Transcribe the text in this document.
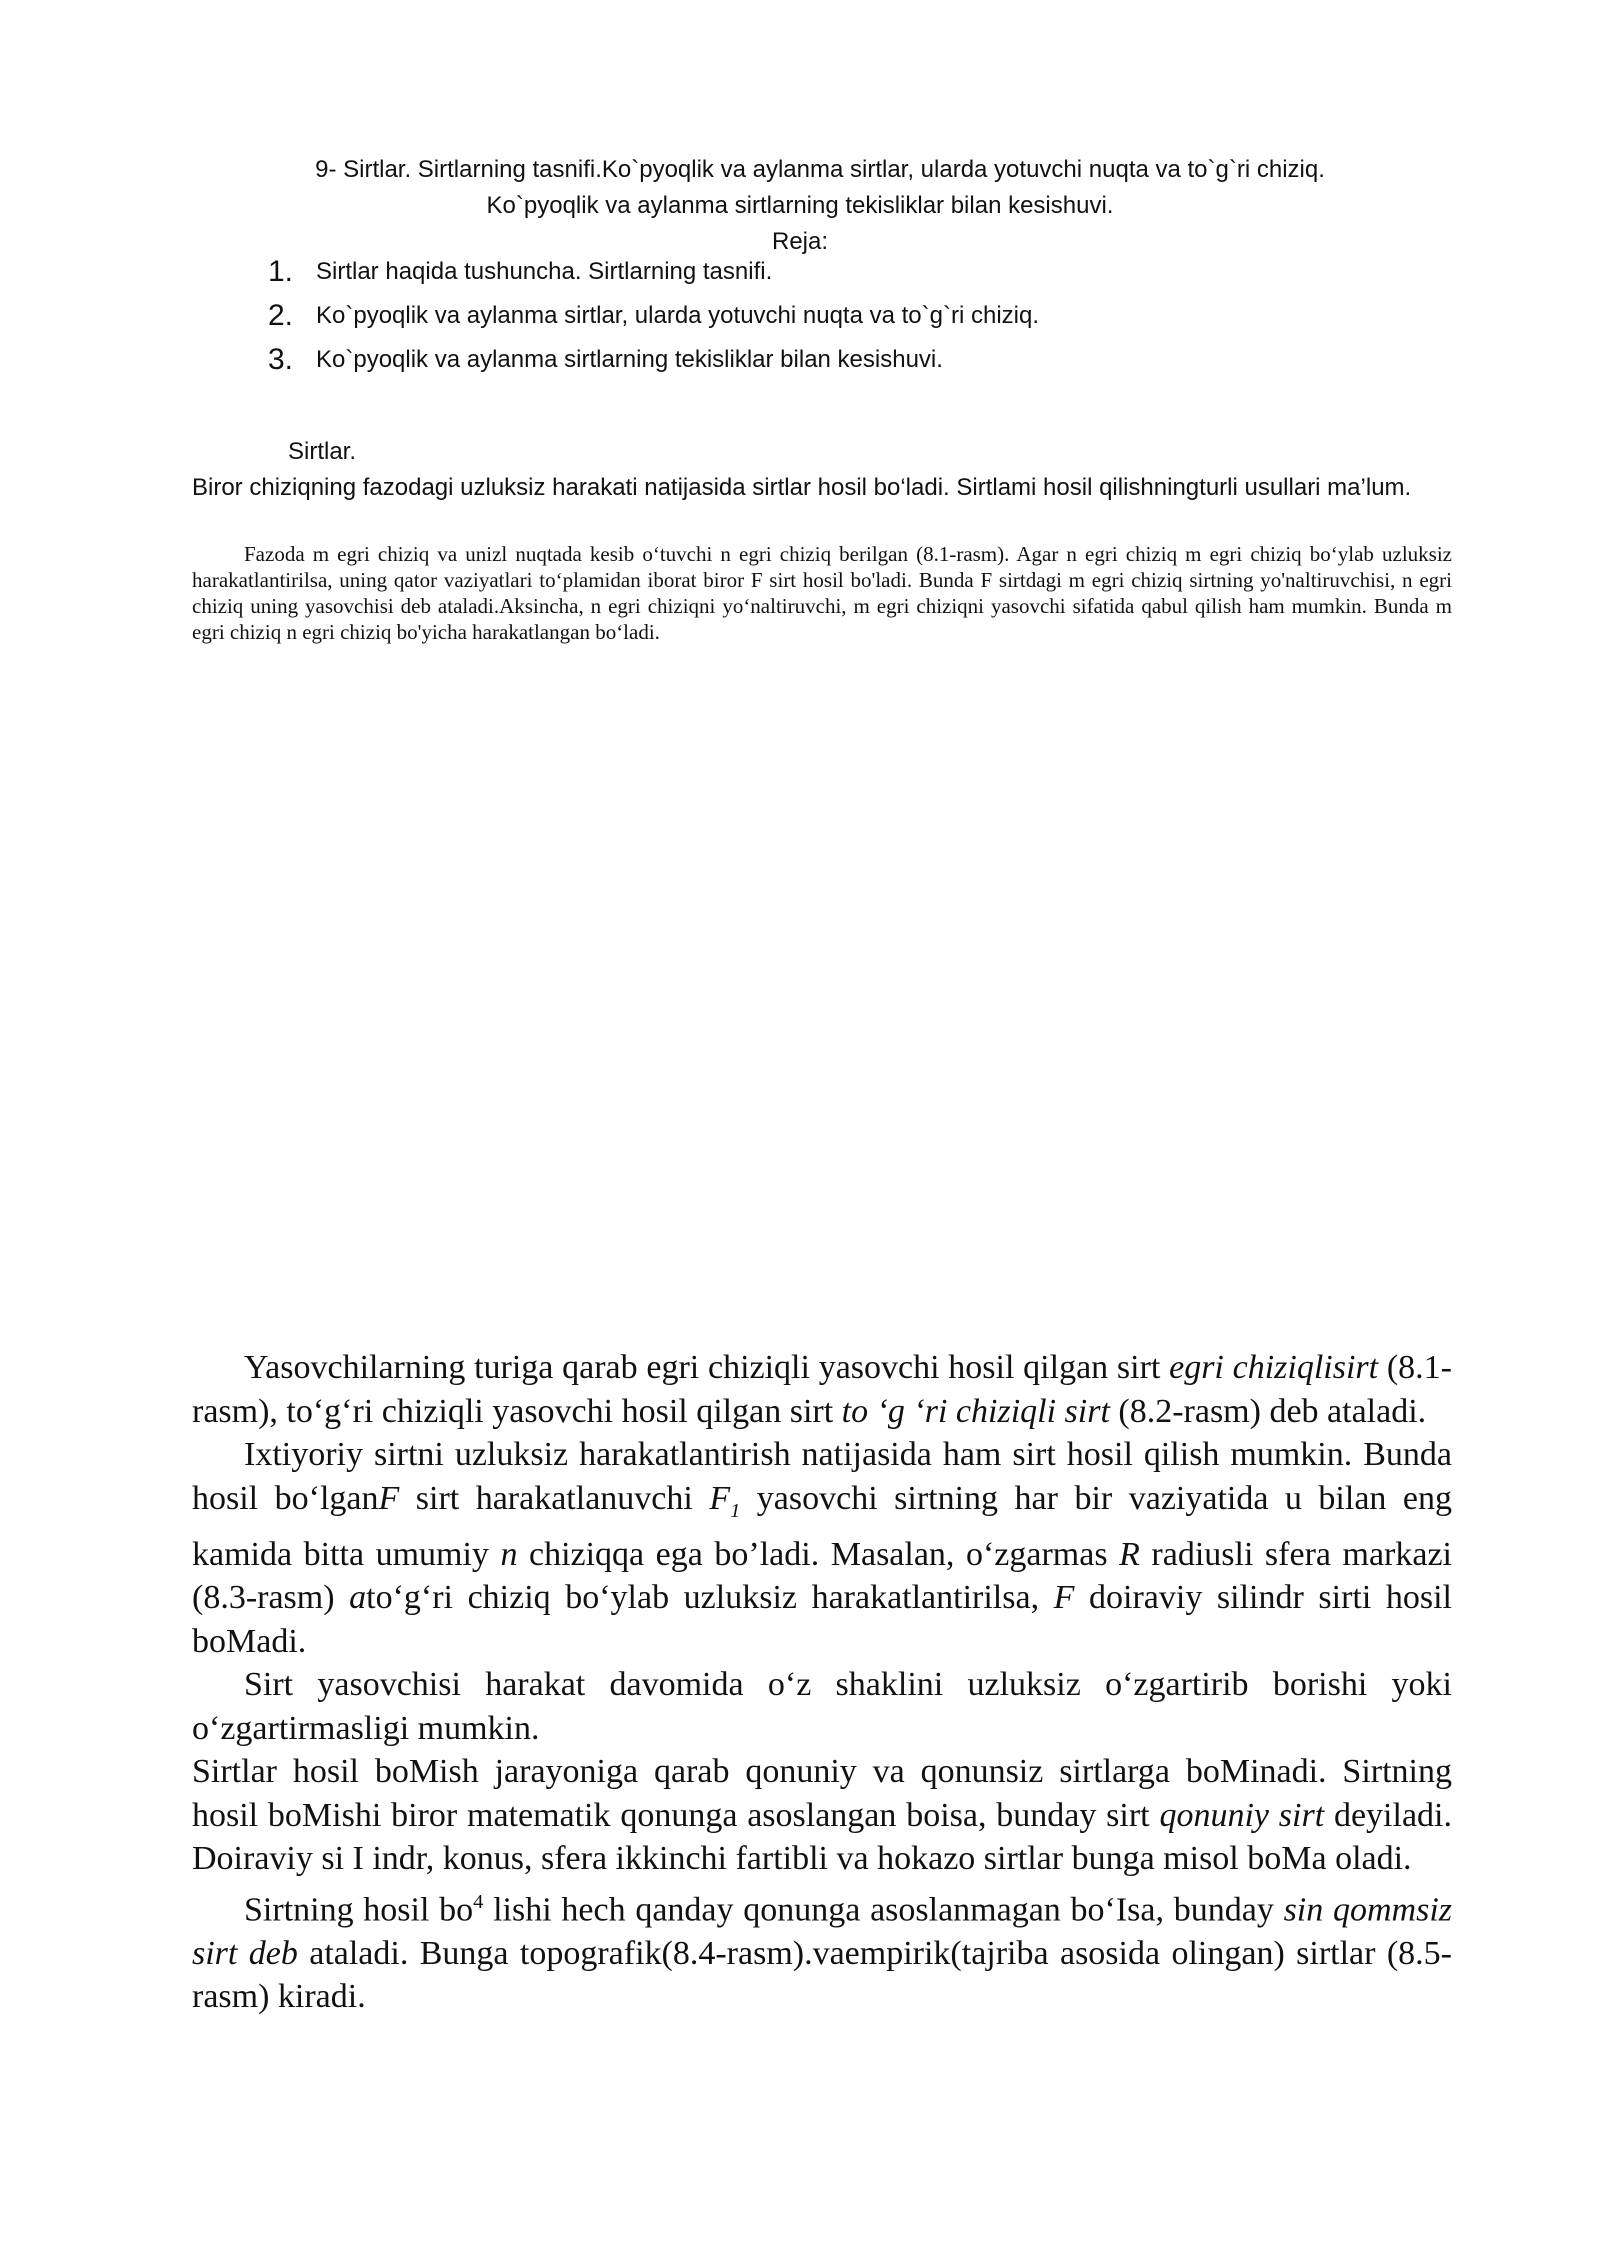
9- Sirtlar. Sirtlarning tasnifi.Ko`pyoqlik va aylanma sirtlar, ularda yotuvchi nuqta va to`g`ri chiziq.
Ko`pyoqlik va aylanma sirtlarning tekisliklar bilan kesishuvi.
Reja:
1. Sirtlar haqida tushuncha. Sirtlarning tasnifi.
2. Ko`pyoqlik va aylanma sirtlar, ularda yotuvchi nuqta va to`g`ri chiziq.
3. Ko`pyoqlik va aylanma sirtlarning tekisliklar bilan kesishuvi.
Sirtlar.
Biror chiziqning fazodagi uzluksiz harakati natijasida sirtlar hosil bo‘ladi. Sirtlami hosil qilishningturli usullari ma’lum.
Fazoda m egri chiziq va unizl nuqtada kesib o‘tuvchi n egri chiziq berilgan (8.1-rasm). Agar n egri chiziq m egri chiziq bo‘ylab uzluksiz harakatlantirilsa, uning qator vaziyatlari to‘plamidan iborat biror F sirt hosil bo'ladi. Bunda F sirtdagi m egri chiziq sirtning yo'naltiruvchisi, n egri chiziq uning yasovchisi deb ataladi.Aksincha, n egri chiziqni yo‘naltiruvchi, m egri chiziqni yasovchi sifatida qabul qilish ham mumkin. Bunda m egri chiziq n egri chiziq bo'yicha harakatlangan bo‘ladi.

Yasovchilarning turiga qarab egri chiziqli yasovchi hosil qilgan sirt egri chiziqlisirt (8.1-rasm), to‘g‘ri chiziqli yasovchi hosil qilgan sirt to ‘g ‘ri chiziqli sirt (8.2-rasm) deb ataladi.

Ixtiyoriy sirtni uzluksiz harakatlantirish natijasida ham sirt hosil qilish mumkin. Bunda hosil bo‘lganF sirt harakatlanuvchi $F_1$ yasovchi sirtning har bir vaziyatida u bilan eng kamida bitta umumiy n chiziqqa ega bo’ladi. Masalan, o‘zgarmas R radiusli sfera markazi (8.3-rasm) ato‘g‘ri chiziq bo‘ylab uzluksiz harakatlantirilsa, F doiraviy silindr sirti hosil boMadi.

Sirt yasovchisi harakat davomida o‘z shaklini uzluksiz o‘zgartirib borishi yoki o‘zgartirmasligi mumkin.

Sirtlar hosil boMish jarayoniga qarab qonuniy va qonunsiz sirtlarga boMinadi. Sirtning hosil boMishi biror matematik qonunga asoslangan boisa, bunday sirt qonuniy sirt deyiladi. Doiraviy si I indr, konus, sfera ikkinchi fartibli va hokazo sirtlar bunga misol boMa oladi.

Sirtning hosil $bo^4$ lishi hech qanday qonunga asoslanmagan bo‘Isa, bunday sin qommsiz sirt deb ataladi. Bunga topografik(8.4-rasm).vaempirik(tajriba asosida olingan) sirtlar (8.5-rasm) kiradi.
